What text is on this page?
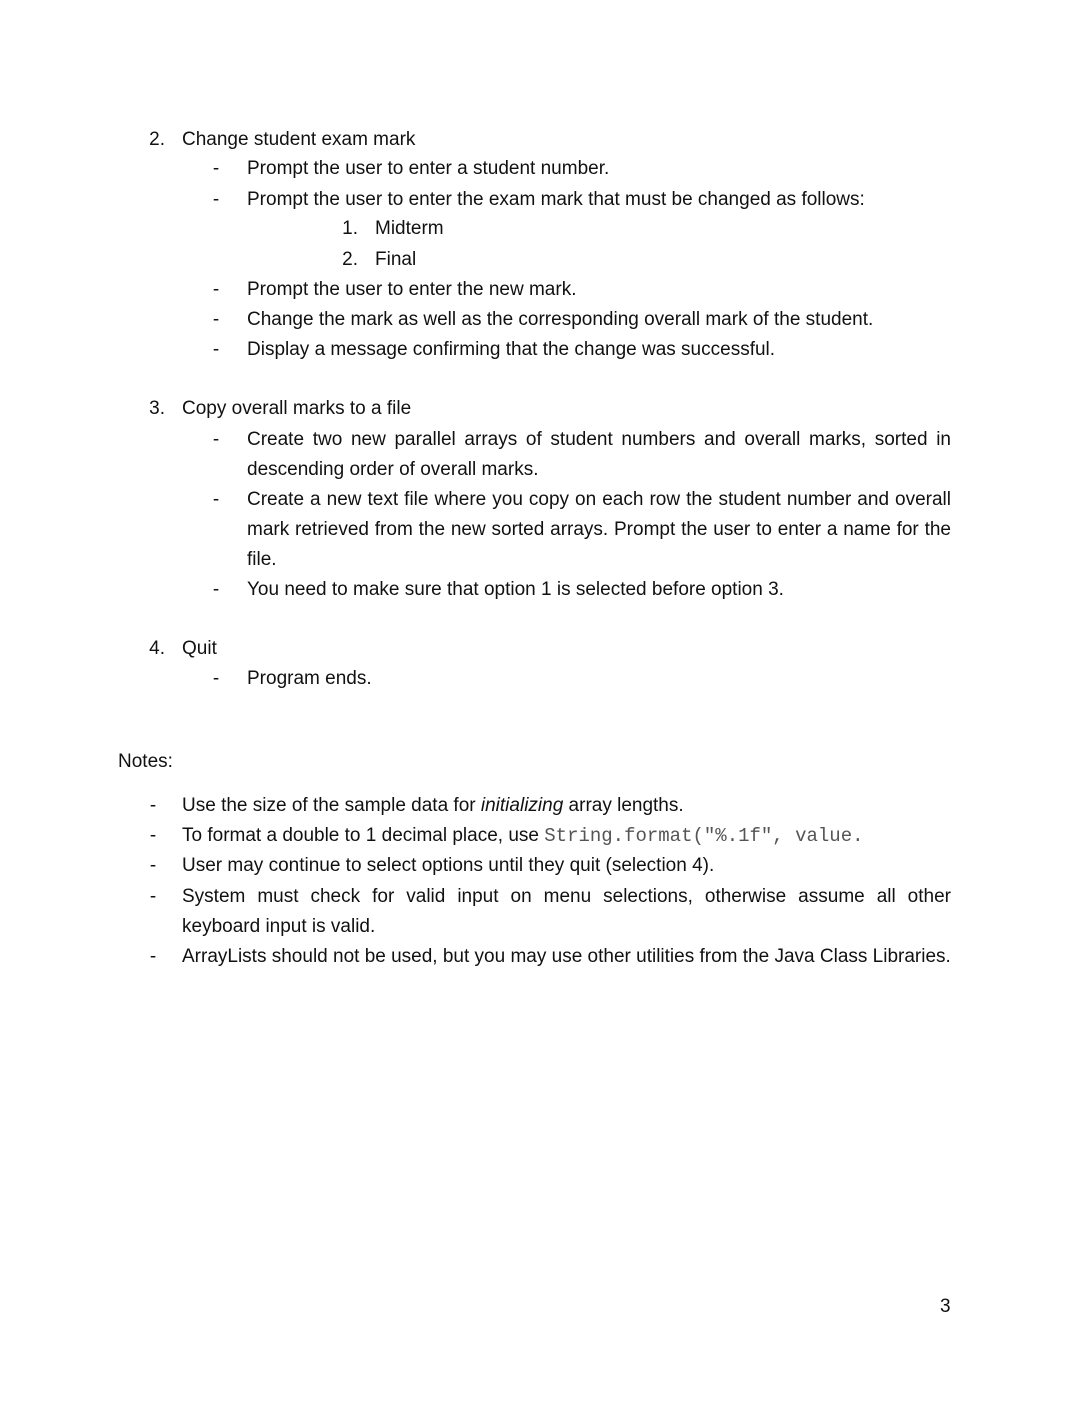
2. Change student exam mark
- Prompt the user to enter a student number.
- Prompt the user to enter the exam mark that must be changed as follows:
1. Midterm
2. Final
- Prompt the user to enter the new mark.
- Change the mark as well as the corresponding overall mark of the student.
- Display a message confirming that the change was successful.
3. Copy overall marks to a file
- Create two new parallel arrays of student numbers and overall marks, sorted in descending order of overall marks.
- Create a new text file where you copy on each row the student number and overall mark retrieved from the new sorted arrays. Prompt the user to enter a name for the file.
- You need to make sure that option 1 is selected before option 3.
4. Quit
- Program ends.
Notes:
- Use the size of the sample data for initializing array lengths.
- To format a double to 1 decimal place, use String.format("%.1f", value.
- User may continue to select options until they quit (selection 4).
- System must check for valid input on menu selections, otherwise assume all other keyboard input is valid.
- ArrayLists should not be used, but you may use other utilities from the Java Class Libraries.
3
